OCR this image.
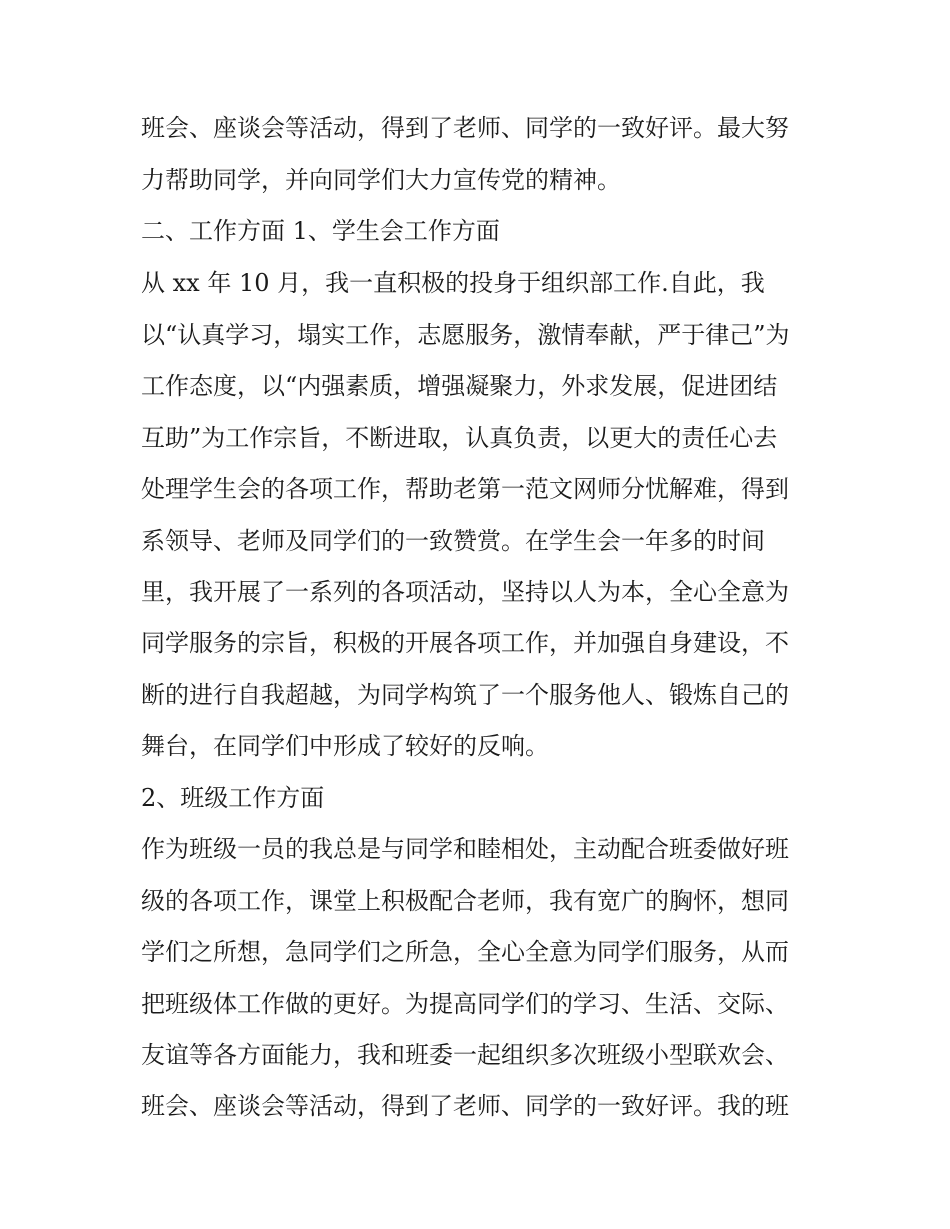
班会、座谈会等活动，得到了老师、同学的一致好评。最大努

力帮助同学，并向同学们大力宣传党的精神。

二、工作方面 1、学生会工作方面

从 xx 年 10 月，我一直积极的投身于组织部工作.自此，我

以“认真学习，塌实工作，志愿服务，激情奉献，严于律己”为

工作态度，以“内强素质，增强凝聚力，外求发展，促进团结

互助”为工作宗旨，不断进取，认真负责，以更大的责任心去

处理学生会的各项工作，帮助老第一范文网师分忧解难，得到

系领导、老师及同学们的一致赞赏。在学生会一年多的时间

里，我开展了一系列的各项活动，坚持以人为本，全心全意为

同学服务的宗旨，积极的开展各项工作，并加强自身建设，不

断的进行自我超越，为同学构筑了一个服务他人、锻炼自己的

舞台，在同学们中形成了较好的反响。

2、班级工作方面

作为班级一员的我总是与同学和睦相处，主动配合班委做好班

级的各项工作，课堂上积极配合老师，我有宽广的胸怀，想同

学们之所想，急同学们之所急，全心全意为同学们服务，从而

把班级体工作做的更好。为提高同学们的学习、生活、交际、

友谊等各方面能力，我和班委一起组织多次班级小型联欢会、

班会、座谈会等活动，得到了老师、同学的一致好评。我的班
